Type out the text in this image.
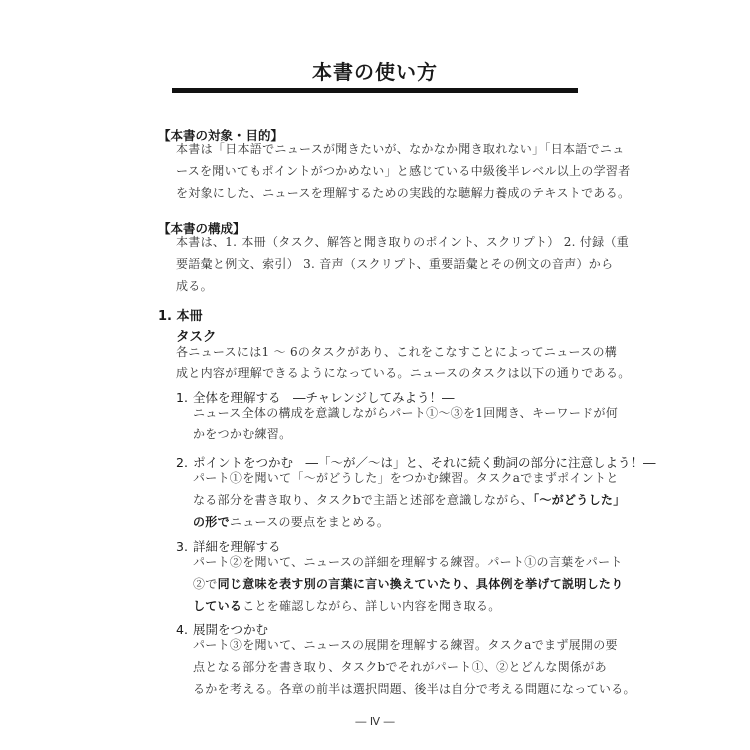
本書の使い方
【本書の対象・目的】
本書は「日本語でニュースが聞きたいが、なかなか聞き取れない」「日本語でニュ
ースを聞いてもポイントがつかめない」と感じている中級後半レベル以上の学習者
を対象にした、ニュースを理解するための実践的な聴解力養成のテキストである。
【本書の構成】
本書は、1. 本冊（タスク、解答と聞き取りのポイント、スクリプト） 2. 付録（重
要語彙と例文、索引） 3. 音声（スクリプト、重要語彙とその例文の音声）から
成る。
1. 本冊
タスク
各ニュースには1 ～ 6のタスクがあり、これをこなすことによってニュースの構
成と内容が理解できるようになっている。ニュースのタスクは以下の通りである。
1. 全体を理解する　―チャレンジしてみよう！―
ニュース全体の構成を意識しながらパート①～③を1回聞き、キーワードが何
かをつかむ練習。
2. ポイントをつかむ　―「～が／～は」と、それに続く動詞の部分に注意しよう！―
パート①を聞いて「～がどうした」をつかむ練習。タスクaでまずポイントと
なる部分を書き取り、タスクbで主語と述部を意識しながら、「～がどうした」
の形でニュースの要点をまとめる。
3. 詳細を理解する
パート②を聞いて、ニュースの詳細を理解する練習。パート①の言葉をパート
②で同じ意味を表す別の言葉に言い換えていたり、具体例を挙げて説明したり
していることを確認しながら、詳しい内容を聞き取る。
4. 展開をつかむ
パート③を聞いて、ニュースの展開を理解する練習。タスクaでまず展開の要
点となる部分を書き取り、タスクbでそれがパート①、②とどんな関係があ
るかを考える。各章の前半は選択問題、後半は自分で考える問題になっている。
― Ⅳ ―
